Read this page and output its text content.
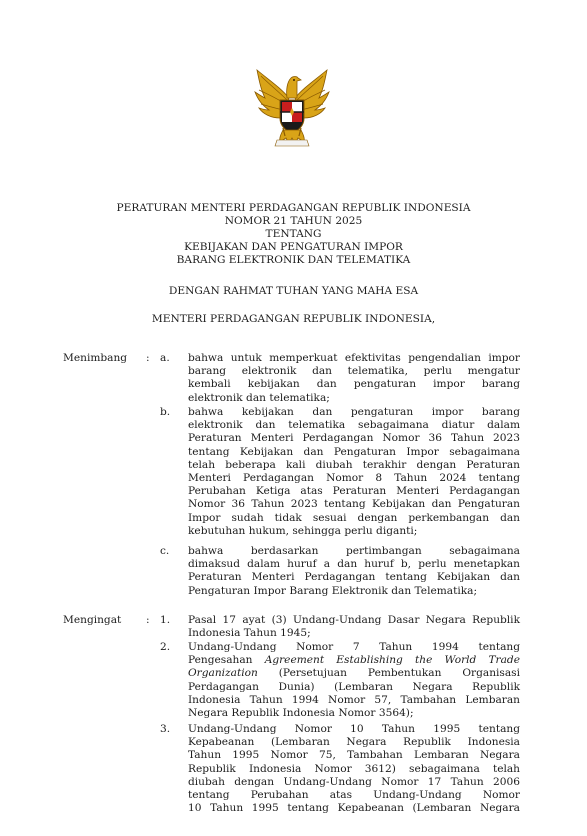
PERATURAN MENTERI PERDAGANGAN REPUBLIK INDONESIA
NOMOR 21 TAHUN 2025
TENTANG
KEBIJAKAN DAN PENGATURAN IMPOR
BARANG ELEKTRONIK DAN TELEMATIKA
DENGAN RAHMAT TUHAN YANG MAHA ESA
MENTERI PERDAGANGAN REPUBLIK INDONESIA,
Menimbang : a. bahwa untuk memperkuat efektivitas pengendalian impor
barang elektronik dan telematika, perlu mengatur
kembali kebijakan dan pengaturan impor barang
elektronik dan telematika;
b. bahwa kebijakan dan pengaturan impor barang
elektronik dan telematika sebagaimana diatur dalam
Peraturan Menteri Perdagangan Nomor 36 Tahun 2023
tentang Kebijakan dan Pengaturan Impor sebagaimana
telah beberapa kali diubah terakhir dengan Peraturan
Menteri Perdagangan Nomor 8 Tahun 2024 tentang
Perubahan Ketiga atas Peraturan Menteri Perdagangan
Nomor 36 Tahun 2023 tentang Kebijakan dan Pengaturan
Impor sudah tidak sesuai dengan perkembangan dan
kebutuhan hukum, sehingga perlu diganti;
c. bahwa berdasarkan pertimbangan sebagaimana
dimaksud dalam huruf a dan huruf b, perlu menetapkan
Peraturan Menteri Perdagangan tentang Kebijakan dan
Pengaturan Impor Barang Elektronik dan Telematika;
Mengingat : 1. Pasal 17 ayat (3) Undang-Undang Dasar Negara Republik
Indonesia Tahun 1945;
2. Undang-Undang Nomor 7 Tahun 1994 tentang
Pengesahan Agreement Establishing the World Trade
Organization (Persetujuan Pembentukan Organisasi
Perdagangan Dunia) (Lembaran Negara Republik
Indonesia Tahun 1994 Nomor 57, Tambahan Lembaran
Negara Republik Indonesia Nomor 3564);
3. Undang-Undang Nomor 10 Tahun 1995 tentang
Kepabeanan (Lembaran Negara Republik Indonesia
Tahun 1995 Nomor 75, Tambahan Lembaran Negara
Republik Indonesia Nomor 3612) sebagaimana telah
diubah dengan Undang-Undang Nomor 17 Tahun 2006
tentang Perubahan atas Undang-Undang Nomor
10 Tahun 1995 tentang Kepabeanan (Lembaran Negara
